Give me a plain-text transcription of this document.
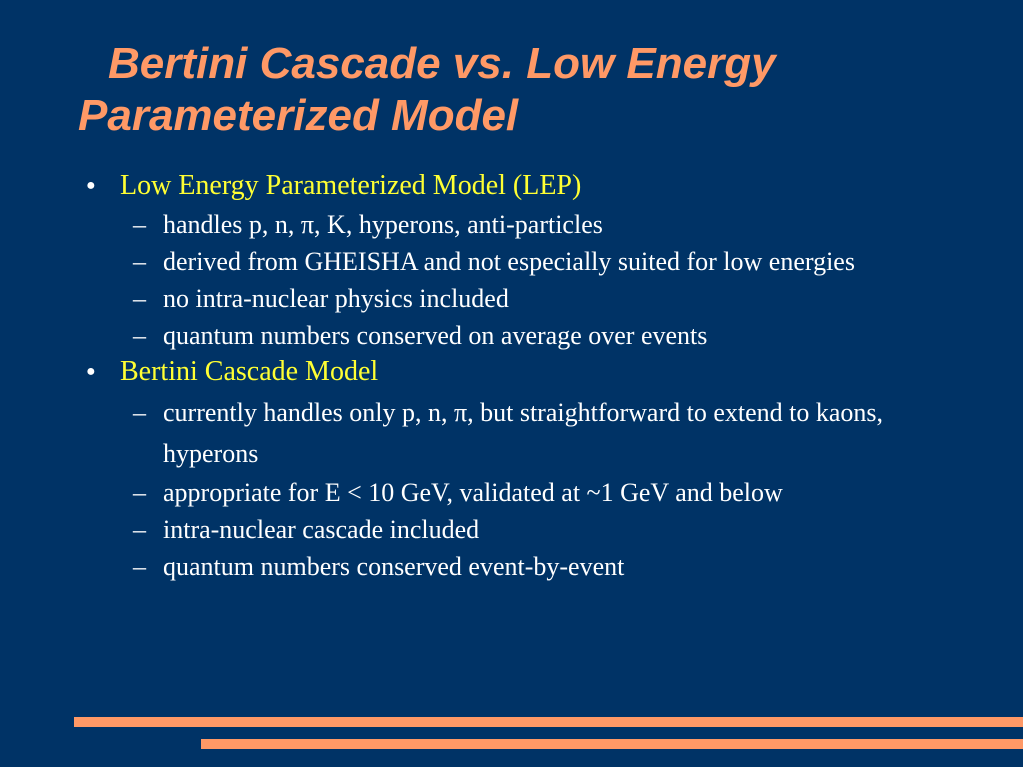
Bertini Cascade vs. Low Energy
Parameterized Model
● Low Energy Parameterized Model (LEP)
– handles p, n, π, K, hyperons, anti-particles
– derived from GHEISHA and not especially suited for low energies
– no intra-nuclear physics included
– quantum numbers conserved on average over events
● Bertini Cascade Model
– currently handles only p, n, π, but straightforward to extend to kaons, hyperons
– appropriate for E < 10 GeV, validated at ~1 GeV and below
– intra-nuclear cascade included
– quantum numbers conserved event-by-event
